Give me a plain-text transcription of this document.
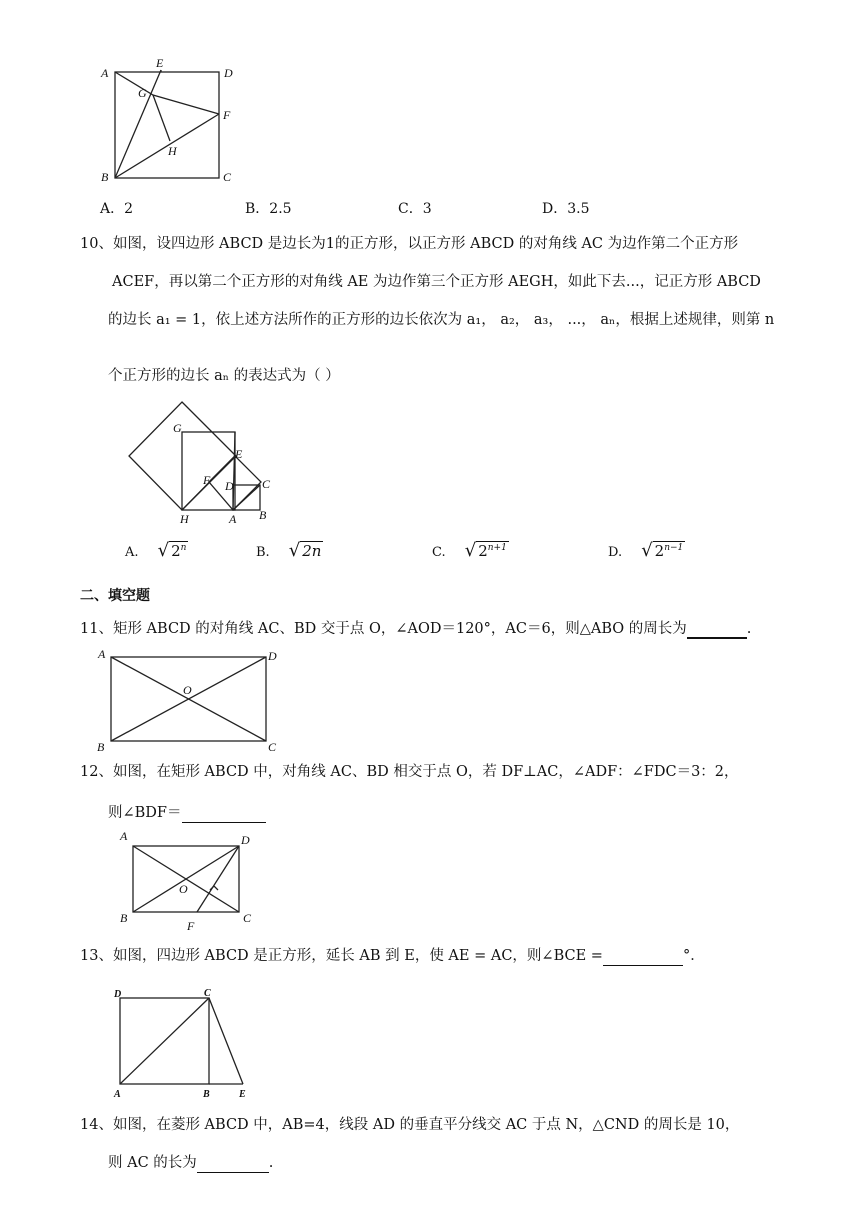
A
E
D
G
F
H
B	C
A．2	B．2.5	C．3	D．3.5
10、如图，设四边形 ABCD 是边长为1的正方形，以正方形 ABCD 的对角线 AC 为边作第二个正方形
ACEF，再以第二个正方形的对角线 AE 为边作第三个正方形 AEGH，如此下去...，记正方形 ABCD
的边长 a₁ = 1，依上述方法所作的正方形的边长依次为 a₁， a₂， a₃， ...， aₙ，根据上述规律，则第 n
个正方形的边长 aₙ 的表达式为（ ）
G
E
F D C
H	A B
A. √ 2$^n$	B. √ 2n	C. √ $2^{n+1}$	D. √ $2^{n-1}$
二、填空题
11、矩形 ABCD 的对角线 AC、BD 交于点 O，∠AOD＝120°，AC＝6，则△ABO 的周长为	.
A	D
O
B	C
12、如图，在矩形 ABCD 中，对角线 AC、BD 相交于点 O，若 DF⊥AC，∠ADF：∠FDC＝3：2，
则∠BDF＝
A	D
O
B
F
C
13、如图，四边形 ABCD 是正方形，延长 AB 到 E，使 AE = AC，则∠BCE =	°．
D	C
A	B	E
14、如图，在菱形 ABCD 中，AB=4，线段 AD 的垂直平分线交 AC 于点 N，△CND 的周长是 10，
则 AC 的长为	.
